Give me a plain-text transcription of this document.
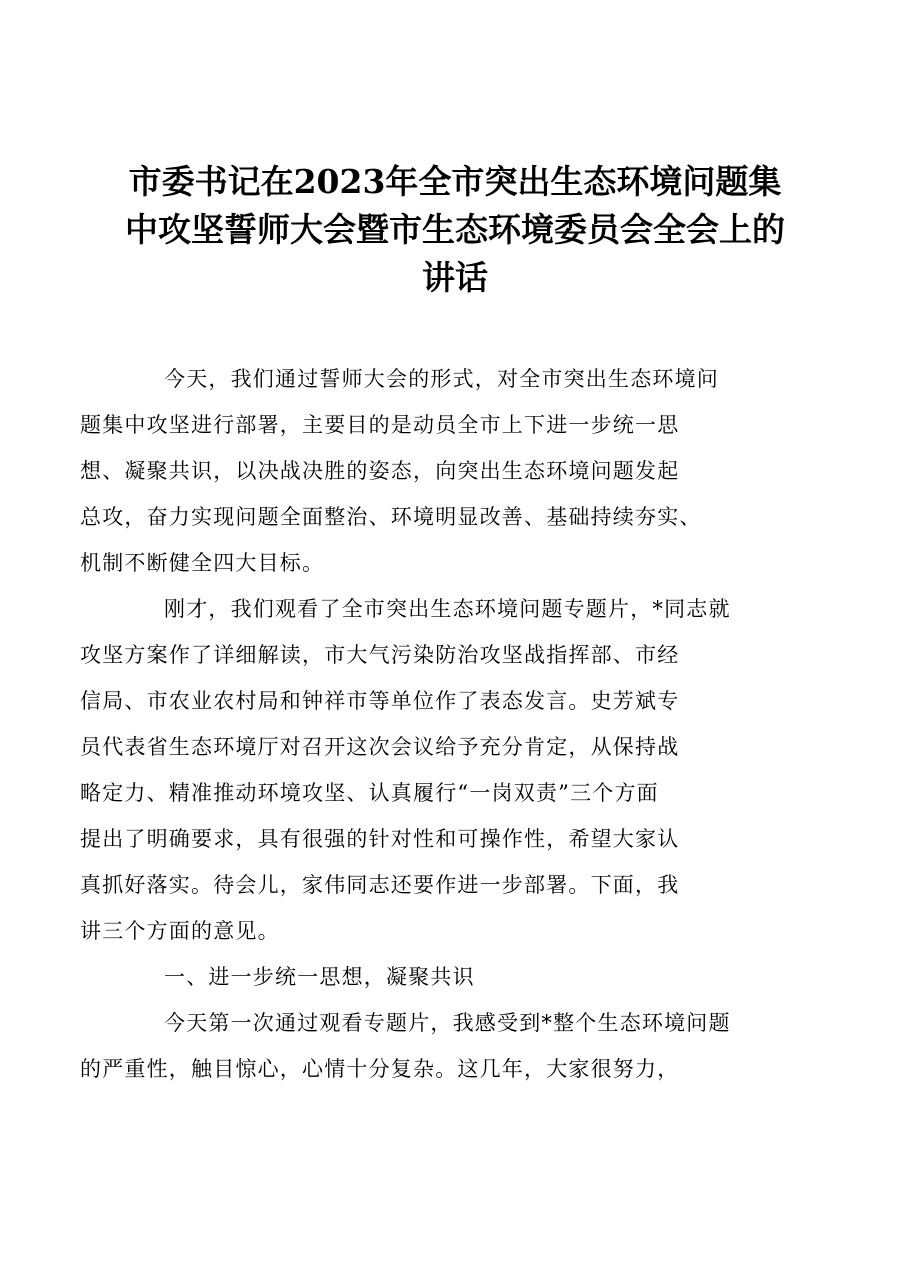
市委书记在2023年全市突出生态环境问题集
中攻坚誓师大会暨市生态环境委员会全会上的
讲话

今天，我们通过誓师大会的形式，对全市突出生态环境问
题集中攻坚进行部署，主要目的是动员全市上下进一步统一思
想、凝聚共识，以决战决胜的姿态，向突出生态环境问题发起
总攻，奋力实现问题全面整治、环境明显改善、基础持续夯实、
机制不断健全四大目标。

刚才，我们观看了全市突出生态环境问题专题片，*同志就
攻坚方案作了详细解读，市大气污染防治攻坚战指挥部、市经
信局、市农业农村局和钟祥市等单位作了表态发言。史芳斌专
员代表省生态环境厅对召开这次会议给予充分肯定，从保持战
略定力、精准推动环境攻坚、认真履行“一岗双责”三个方面
提出了明确要求，具有很强的针对性和可操作性，希望大家认
真抓好落实。待会儿，家伟同志还要作进一步部署。下面，我
讲三个方面的意见。

一、进一步统一思想，凝聚共识

今天第一次通过观看专题片，我感受到*整个生态环境问题
的严重性，触目惊心，心情十分复杂。这几年，大家很努力，
